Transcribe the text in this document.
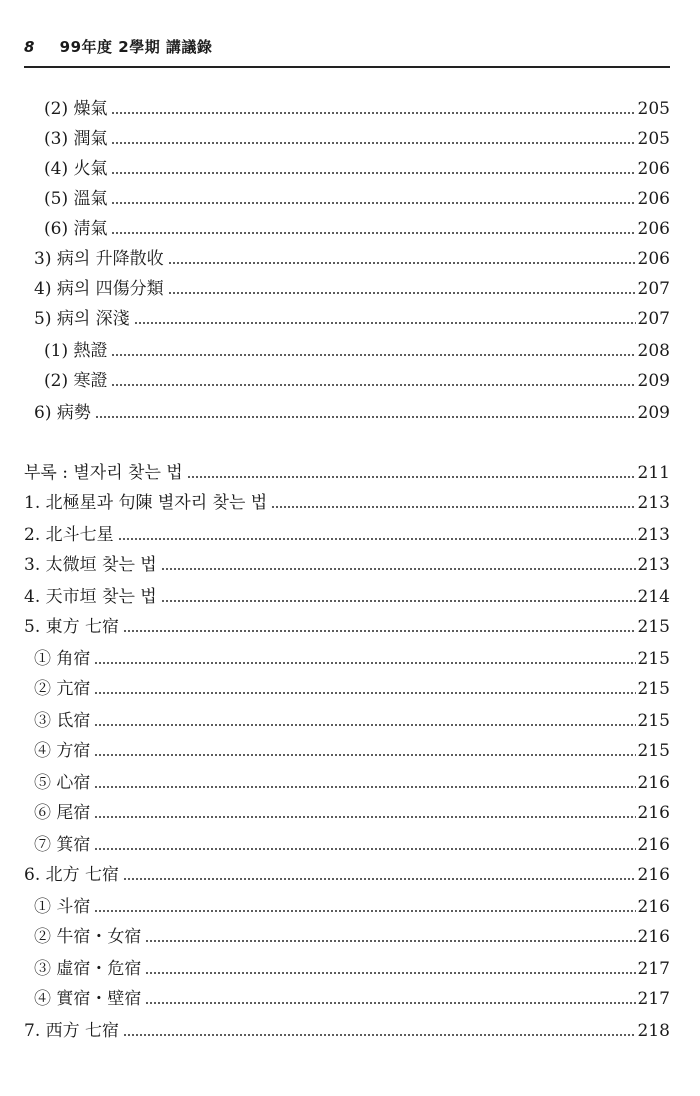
8 99年度 2學期 講議錄
(2) 燥氣	205
(3) 潤氣	205
(4) 火氣	206
(5) 溫氣	206
(6) 淸氣	206
3) 病의 升降散收	206
4) 病의 四傷分類	207
5) 病의 深淺	207
(1) 熱證	208
(2) 寒證	209
6) 病勢	209
부록 : 별자리 찾는 법	211
1. 北極星과 句陳 별자리 찾는 법	213
2. 北斗七星	213
3. 太微垣 찾는 법	213
4. 天市垣 찾는 법	214
5. 東方 七宿	215
① 角宿	215
② 亢宿	215
③ 氐宿	215
④ 方宿	215
⑤ 心宿	216
⑥ 尾宿	216
⑦ 箕宿	216
6. 北方 七宿	216
① 斗宿	216
② 牛宿・女宿	216
③ 虛宿・危宿	217
④ 實宿・壁宿	217
7. 西方 七宿	218
